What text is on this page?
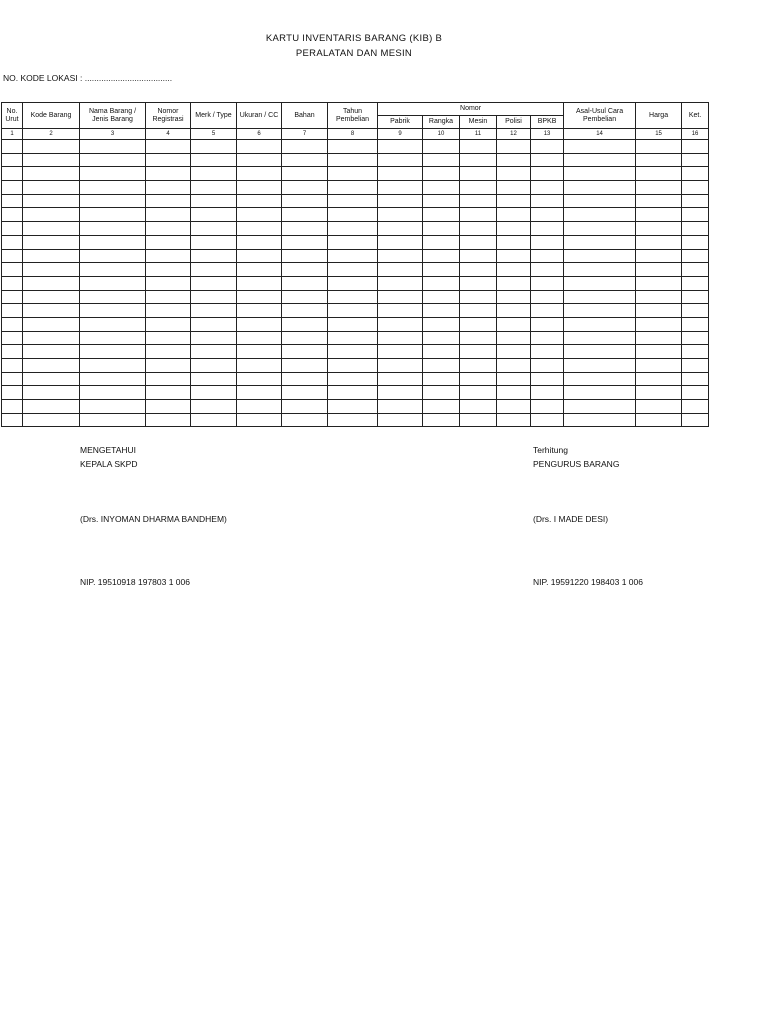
KARTU INVENTARIS BARANG (KIB) B
PERALATAN DAN MESIN
NO. KODE LOKASI : .....................................
No. Urut	Kode Barang	Nama Barang / Jenis Barang	Nomor Registrasi	Merk / Type	Ukuran / CC	Bahan	Tahun Pembelian	Nomor					Asal-Usul Cara Pembelian	Harga	Ket.
								Pabrik	Rangka	Mesin	Polisi	BPKB			
1	2	3	4	5	6	7	8	9	10	11	12	13	14	15	16

MENGETAHUI
KEPALA SKPD
(Drs. INYOMAN DHARMA BANDHEM)
NIP. 19510918 197803 1 006
Terhitung
PENGURUS BARANG
(Drs. I MADE DESI)
NIP. 19591220 198403 1 006
